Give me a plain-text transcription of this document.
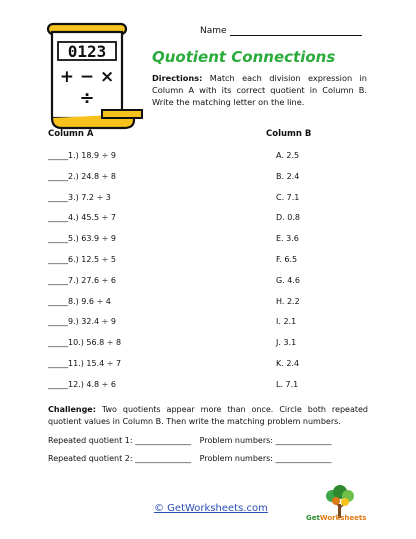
0123
+ − ×
÷
Name
Quotient Connections
Directions: Match each division expression in Column A with its correct quotient in Column B. Write the matching letter on the line.
Column A	Column B
_____1.) 18.9 ÷ 9	A. 2.5
_____2.) 24.8 ÷ 8	B. 2.4
_____3.) 7.2 ÷ 3	C. 7.1
_____4.) 45.5 ÷ 7	D. 0.8
_____5.) 63.9 ÷ 9	E. 3.6
_____6.) 12.5 ÷ 5	F. 6.5
_____7.) 27.6 ÷ 6	G. 4.6
_____8.) 9.6 ÷ 4	H. 2.2
_____9.) 32.4 ÷ 9	I. 2.1
_____10.) 56.8 ÷ 8	J. 3.1
_____11.) 15.4 ÷ 7	K. 2.4
_____12.) 4.8 ÷ 6	L. 7.1
Challenge: Two quotients appear more than once. Circle both repeated quotient values in Column B. Then write the matching problem numbers.
Repeated quotient 1: ______________ Problem numbers: ______________
Repeated quotient 2: ______________ Problem numbers: ______________
© GetWorksheets.com
GetWorksheets
